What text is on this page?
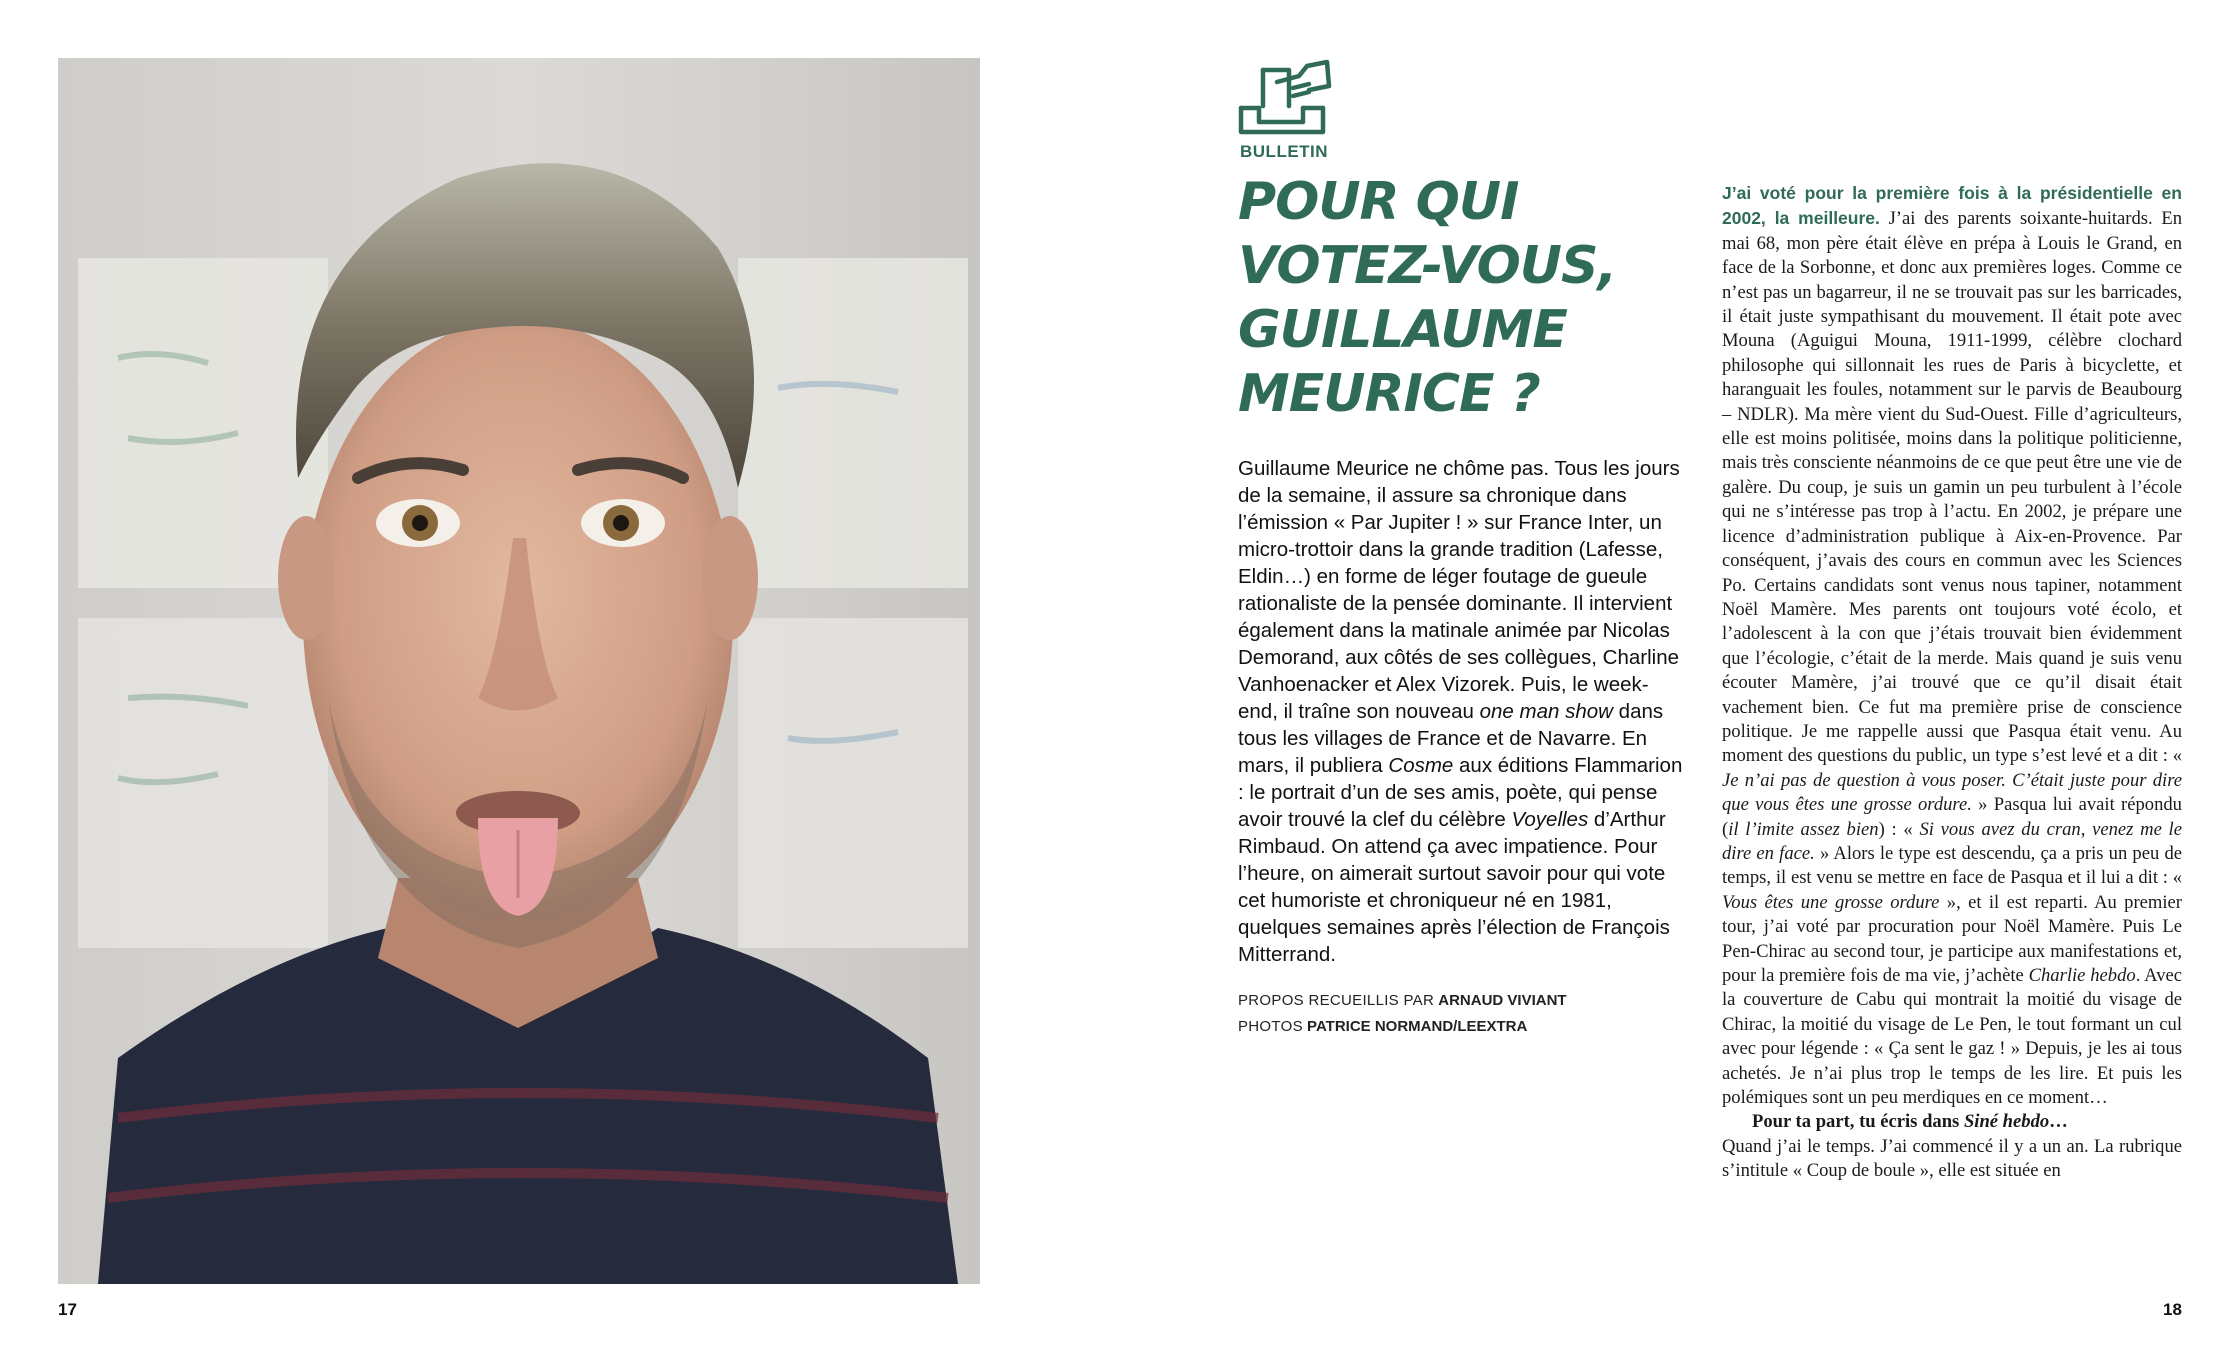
17	18
BULLETIN
POUR QUI
VOTEZ-VOUS,
GUILLAUME
MEURICE ?
Guillaume Meurice ne chôme pas. Tous les jours de la semaine, il assure sa chronique dans l’émission « Par Jupiter ! » sur France Inter, un micro-trottoir dans la grande tradition (Lafesse, Eldin…) en forme de léger foutage de gueule rationaliste de la pensée dominante. Il intervient également dans la matinale animée par Nicolas Demorand, aux côtés de ses collègues, Charline Vanhoenacker et Alex Vizorek. Puis, le week-end, il traîne son nouveau one man show dans tous les villages de France et de Navarre. En mars, il publiera Cosme aux éditions Flammarion : le portrait d’un de ses amis, poète, qui pense avoir trouvé la clef du célèbre Voyelles d’Arthur Rimbaud. On attend ça avec impatience. Pour l’heure, on aimerait surtout savoir pour qui vote cet humoriste et chroniqueur né en 1981, quelques semaines après l’élection de François Mitterrand.
PROPOS RECUEILLIS PAR ARNAUD VIVIANT
PHOTOS PATRICE NORMAND/LEEXTRA

J’ai voté pour la première fois à la présidentielle en 2002, la meilleure. J’ai des parents soixante-huitards. En mai 68, mon père était élève en prépa à Louis le Grand, en face de la Sorbonne, et donc aux premières loges. Comme ce n’est pas un bagarreur, il ne se trouvait pas sur les barricades, il était juste sympathisant du mouvement. Il était pote avec Mouna (Aguigui Mouna, 1911-1999, célèbre clochard philosophe qui sillonnait les rues de Paris à bicyclette, et haranguait les foules, notamment sur le parvis de Beaubourg – NDLR). Ma mère vient du Sud-Ouest. Fille d’agriculteurs, elle est moins politisée, moins dans la politique politicienne, mais très consciente néanmoins de ce que peut être une vie de galère. Du coup, je suis un gamin un peu turbulent à l’école qui ne s’intéresse pas trop à l’actu. En 2002, je prépare une licence d’administration publique à Aix-en-Provence. Par conséquent, j’avais des cours en commun avec les Sciences Po. Certains candidats sont venus nous tapiner, notamment Noël Mamère. Mes parents ont toujours voté écolo, et l’adolescent à la con que j’étais trouvait bien évidemment que l’écologie, c’était de la merde. Mais quand je suis venu écouter Mamère, j’ai trouvé que ce qu’il disait était vachement bien. Ce fut ma première prise de conscience politique. Je me rappelle aussi que Pasqua était venu. Au moment des questions du public, un type s’est levé et a dit : « Je n’ai pas de question à vous poser. C’était juste pour dire que vous êtes une grosse ordure. » Pasqua lui avait répondu (il l’imite assez bien) : « Si vous avez du cran, venez me le dire en face. » Alors le type est descendu, ça a pris un peu de temps, il est venu se mettre en face de Pasqua et il lui a dit : « Vous êtes une grosse ordure », et il est reparti. Au premier tour, j’ai voté par procuration pour Noël Mamère. Puis Le Pen-Chirac au second tour, je participe aux manifestations et, pour la première fois de ma vie, j’achète Charlie hebdo. Avec la couverture de Cabu qui montrait la moitié du visage de Chirac, la moitié du visage de Le Pen, le tout formant un cul avec pour légende : « Ça sent le gaz ! » Depuis, je les ai tous achetés. Je n’ai plus trop le temps de les lire. Et puis les polémiques sont un peu merdiques en ce moment…

Pour ta part, tu écris dans Siné hebdo…

Quand j’ai le temps. J’ai commencé il y a un an. La rubrique s’intitule « Coup de boule », elle est située en
